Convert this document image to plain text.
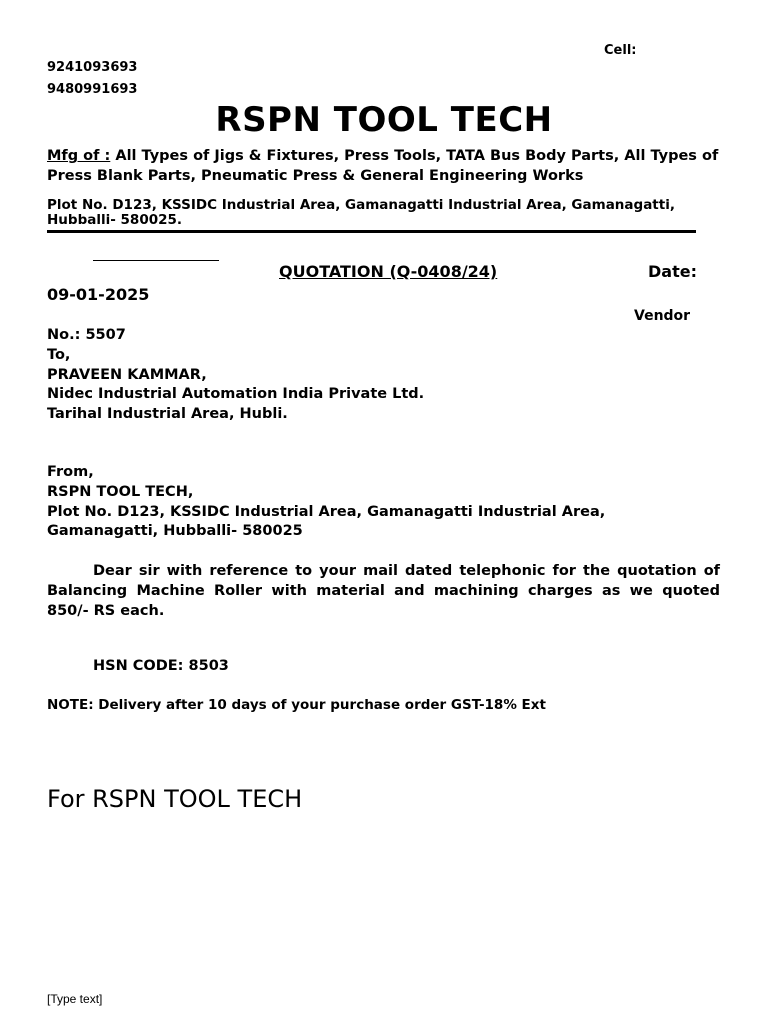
Cell:
9241093693
9480991693
RSPN TOOL TECH
Mfg of : All Types of Jigs & Fixtures, Press Tools, TATA Bus Body Parts, All Types of Press Blank Parts, Pneumatic Press & General Engineering Works
Plot No. D123, KSSIDC Industrial Area, Gamanagatti Industrial Area, Gamanagatti, Hubballi- 580025.
QUOTATION (Q-0408/24)	Date:
09-01-2025
Vendor
No.: 5507
To,
PRAVEEN KAMMAR,
Nidec Industrial Automation India Private Ltd.
Tarihal Industrial Area, Hubli.
From,
RSPN TOOL TECH,
Plot No. D123, KSSIDC Industrial Area, Gamanagatti Industrial Area,
Gamanagatti, Hubballi- 580025
Dear sir with reference to your mail dated telephonic for the quotation of Balancing Machine Roller with material and machining charges as we quoted 850/- RS each.
HSN CODE: 8503
NOTE: Delivery after 10 days of your purchase order GST-18% Ext
For RSPN TOOL TECH
[Type text]
